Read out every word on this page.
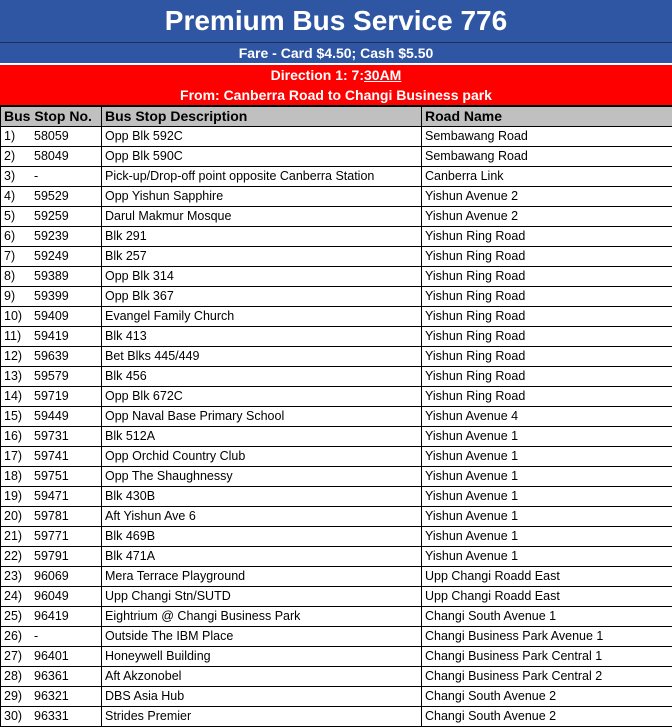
Premium Bus Service 776
Fare - Card $4.50; Cash $5.50
Direction 1: 7:30AM
From: Canberra Road to Changi Business park
Bus Stop No.	Bus Stop Description	Road Name
1) 58059	Opp Blk 592C	Sembawang Road
2) 58049	Opp Blk 590C	Sembawang Road
3) -	Pick-up/Drop-off point opposite Canberra Station	Canberra Link
4) 59529	Opp Yishun Sapphire	Yishun Avenue 2
5) 59259	Darul Makmur Mosque	Yishun Avenue 2
6) 59239	Blk 291	Yishun Ring Road
7) 59249	Blk 257	Yishun Ring Road
8) 59389	Opp Blk 314	Yishun Ring Road
9) 59399	Opp Blk 367	Yishun Ring Road
10) 59409	Evangel Family Church	Yishun Ring Road
11) 59419	Blk 413	Yishun Ring Road
12) 59639	Bet Blks 445/449	Yishun Ring Road
13) 59579	Blk 456	Yishun Ring Road
14) 59719	Opp Blk 672C	Yishun Ring Road
15) 59449	Opp Naval Base Primary School	Yishun Avenue 4
16) 59731	Blk 512A	Yishun Avenue 1
17) 59741	Opp Orchid Country Club	Yishun Avenue 1
18) 59751	Opp The Shaughnessy	Yishun Avenue 1
19) 59471	Blk 430B	Yishun Avenue 1
20) 59781	Aft Yishun Ave 6	Yishun Avenue 1
21) 59771	Blk 469B	Yishun Avenue 1
22) 59791	Blk 471A	Yishun Avenue 1
23) 96069	Mera Terrace Playground	Upp Changi Roadd East
24) 96049	Upp Changi Stn/SUTD	Upp Changi Roadd East
25) 96419	Eightrium @ Changi Business Park	Changi South Avenue 1
26) -	Outside The IBM Place	Changi Business Park Avenue 1
27) 96401	Honeywell Building	Changi Business Park Central 1
28) 96361	Aft Akzonobel	Changi Business Park Central 2
29) 96321	DBS Asia Hub	Changi South Avenue 2
30) 96331	Strides Premier	Changi South Avenue 2
